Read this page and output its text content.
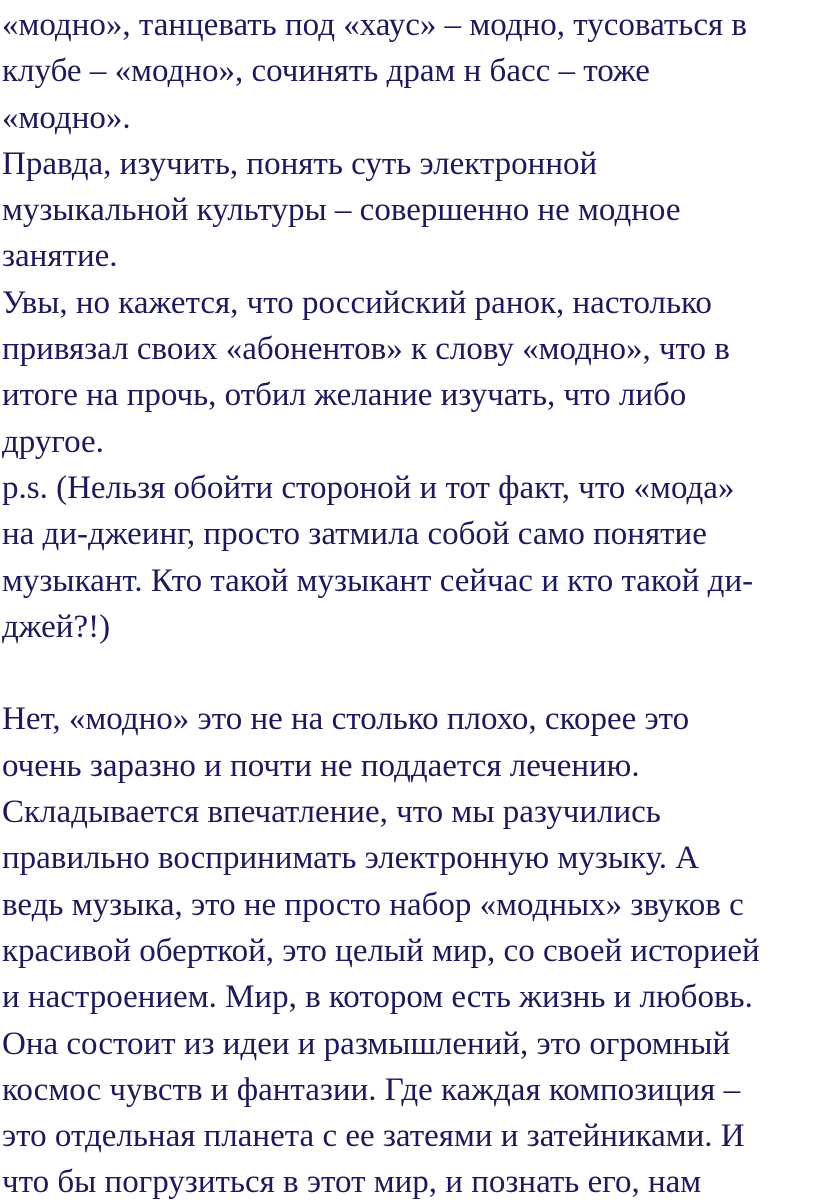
«модно», танцевать под «хаус» – модно, тусоваться в

клубе – «модно», сочинять драм н басс – тоже

«модно».

Правда, изучить, понять суть электронной

музыкальной культуры – совершенно не модное

занятие.

Увы, но кажется, что российский ранок, настолько

привязал своих «абонентов» к слову «модно», что в

итоге на прочь, отбил желание изучать, что либо

другое.

p.s. (Нельзя обойти стороной и тот факт, что «мода»

на ди-джеинг, просто затмила собой само понятие

музыкант. Кто такой музыкант сейчас и кто такой ди-

джей?!)

Нет, «модно» это не на столько плохо, скорее это

очень заразно и почти не поддается лечению.

Складывается впечатление, что мы разучились

правильно воспринимать электронную музыку. А

ведь музыка, это не просто набор «модных» звуков с

красивой оберткой, это целый мир, со своей историей

и настроением. Мир, в котором есть жизнь и любовь.

Она состоит из идеи и размышлений, это огромный

космос чувств и фантазии. Где каждая композиция –

это отдельная планета с ее затеями и затейниками. И

что бы погрузиться в этот мир, и познать его, нам
